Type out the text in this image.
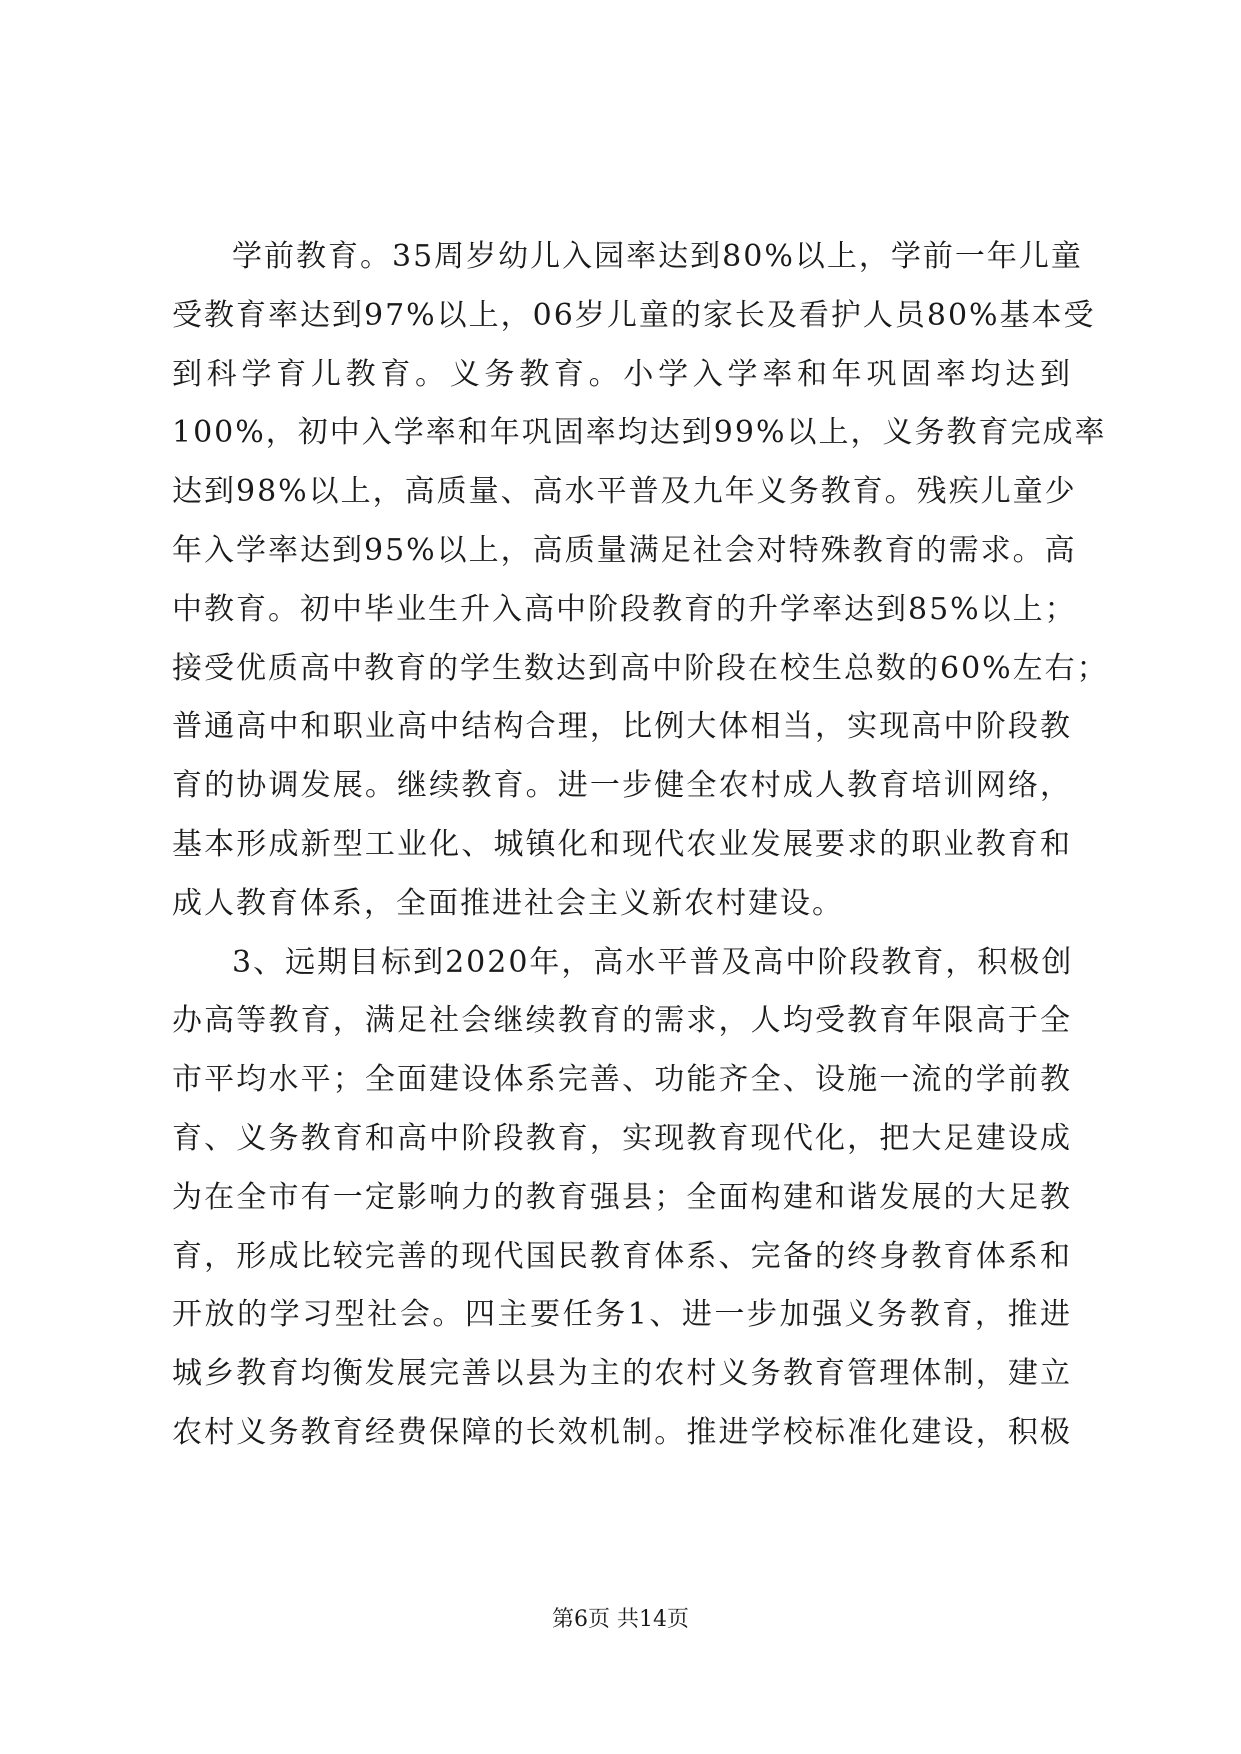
学前教育。35周岁幼儿入园率达到80%以上，学前一年儿童
受教育率达到97%以上，06岁儿童的家长及看护人员80%基本受
到科学育儿教育。义务教育。小学入学率和年巩固率均达到
100%，初中入学率和年巩固率均达到99%以上，义务教育完成率
达到98%以上，高质量、高水平普及九年义务教育。残疾儿童少
年入学率达到95%以上，高质量满足社会对特殊教育的需求。高
中教育。初中毕业生升入高中阶段教育的升学率达到85%以上；
接受优质高中教育的学生数达到高中阶段在校生总数的60%左右；
普通高中和职业高中结构合理，比例大体相当，实现高中阶段教
育的协调发展。继续教育。进一步健全农村成人教育培训网络，
基本形成新型工业化、城镇化和现代农业发展要求的职业教育和
成人教育体系，全面推进社会主义新农村建设。
3、远期目标到2020年，高水平普及高中阶段教育，积极创
办高等教育，满足社会继续教育的需求，人均受教育年限高于全
市平均水平；全面建设体系完善、功能齐全、设施一流的学前教
育、义务教育和高中阶段教育，实现教育现代化，把大足建设成
为在全市有一定影响力的教育强县；全面构建和谐发展的大足教
育，形成比较完善的现代国民教育体系、完备的终身教育体系和
开放的学习型社会。四主要任务1、进一步加强义务教育，推进
城乡教育均衡发展完善以县为主的农村义务教育管理体制，建立
农村义务教育经费保障的长效机制。推进学校标准化建设，积极
第6页 共14页
